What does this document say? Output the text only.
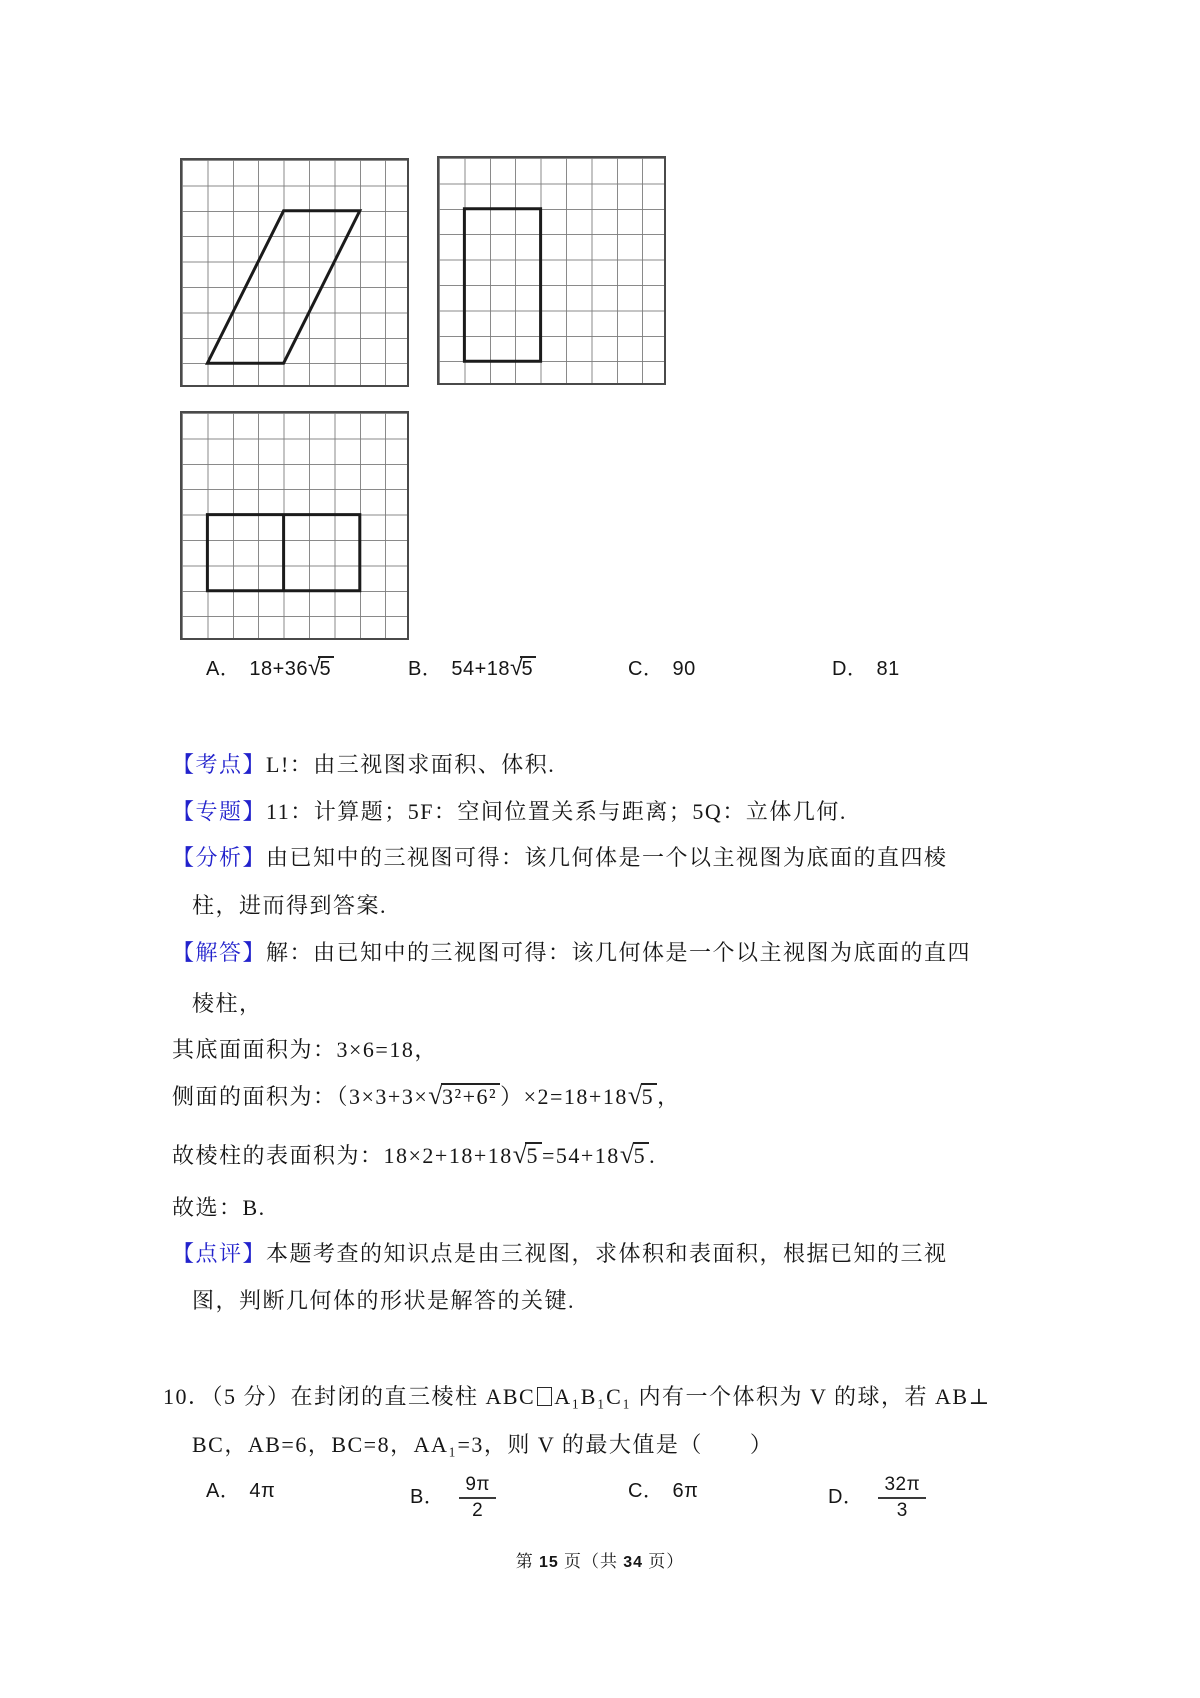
A． 18+36√5	B． 54+18√5	C． 90	D． 81
【考点】L!：由三视图求面积、体积.
【专题】11：计算题；5F：空间位置关系与距离；5Q：立体几何.
【分析】由已知中的三视图可得：该几何体是一个以主视图为底面的直四棱
柱，进而得到答案.
【解答】解：由已知中的三视图可得：该几何体是一个以主视图为底面的直四
棱柱，
其底面面积为：3×6=18，
侧面的面积为：（3×3+3×√3²+6² ）×2=18+18√5 ，
故棱柱的表面积为：18×2+18+18√5 =54+18√5 .
故选：B.
【点评】本题考查的知识点是由三视图，求体积和表面积，根据已知的三视
图，判断几何体的形状是解答的关键.
10．（5 分）在封闭的直三棱柱 ABC A₁B₁C₁ 内有一个体积为 V 的球，若 AB⊥
BC，AB=6，BC=8，AA₁=3，则 V 的最大值是（　　）
A． 4π	B． $\frac{9\pi}{2}$	C． 6π	D． $\frac{32\pi}{3}$
第 15 页（共 34 页）
